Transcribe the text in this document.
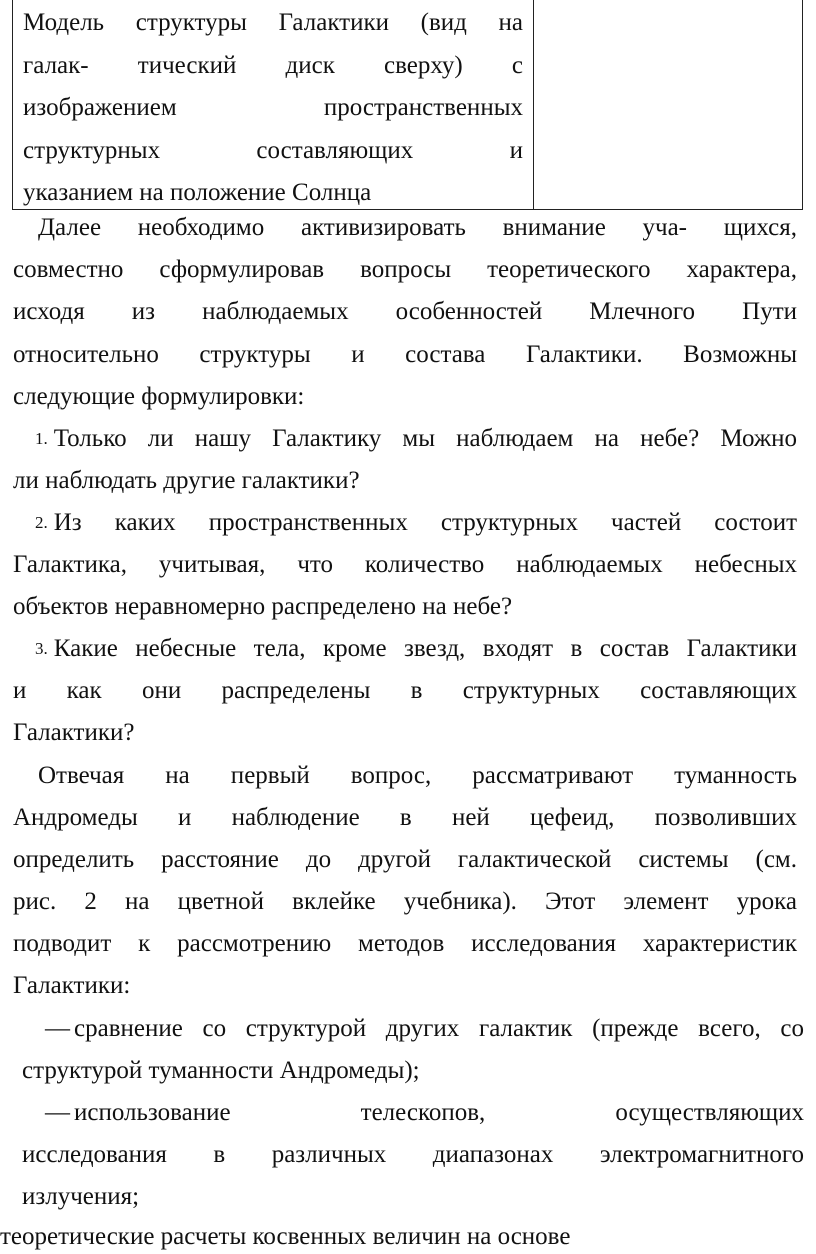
Модель структуры Галактики (вид на
галак- тический диск сверху) с
изображением пространственных
структурных составляющих и
указанием на положение Солнца
Далее необходимо активизировать внимание уча- щихся,
совместно сформулировав вопросы теоретического характера,
исходя из наблюдаемых особенностей Млечного Пути
относительно структуры и состава Галактики. Возможны
следующие формулировки:
1. Только ли нашу Галактику мы наблюдаем на небе? Можно
ли наблюдать другие галактики?
2. Из каких пространственных структурных частей состоит
Галактика, учитывая, что количество наблюдаемых небесных
объектов неравномерно распределено на небе?
3. Какие небесные тела, кроме звезд, входят в состав Галактики
и как они распределены в структурных составляющих
Галактики?
Отвечая на первый вопрос, рассматривают туманность
Андромеды и наблюдение в ней цефеид, позволивших
определить расстояние до другой галактической системы (см.
рис. 2 на цветной вклейке учебника). Этот элемент урока
подводит к рассмотрению методов исследования характеристик
Галактики:
— сравнение со структурой других галактик (прежде всего, со
структурой туманности Андромеды);
— использование телескопов, осуществляющих
исследования в различных диапазонах электромагнитного
излучения;
теоретические расчеты косвенных величин на основе
